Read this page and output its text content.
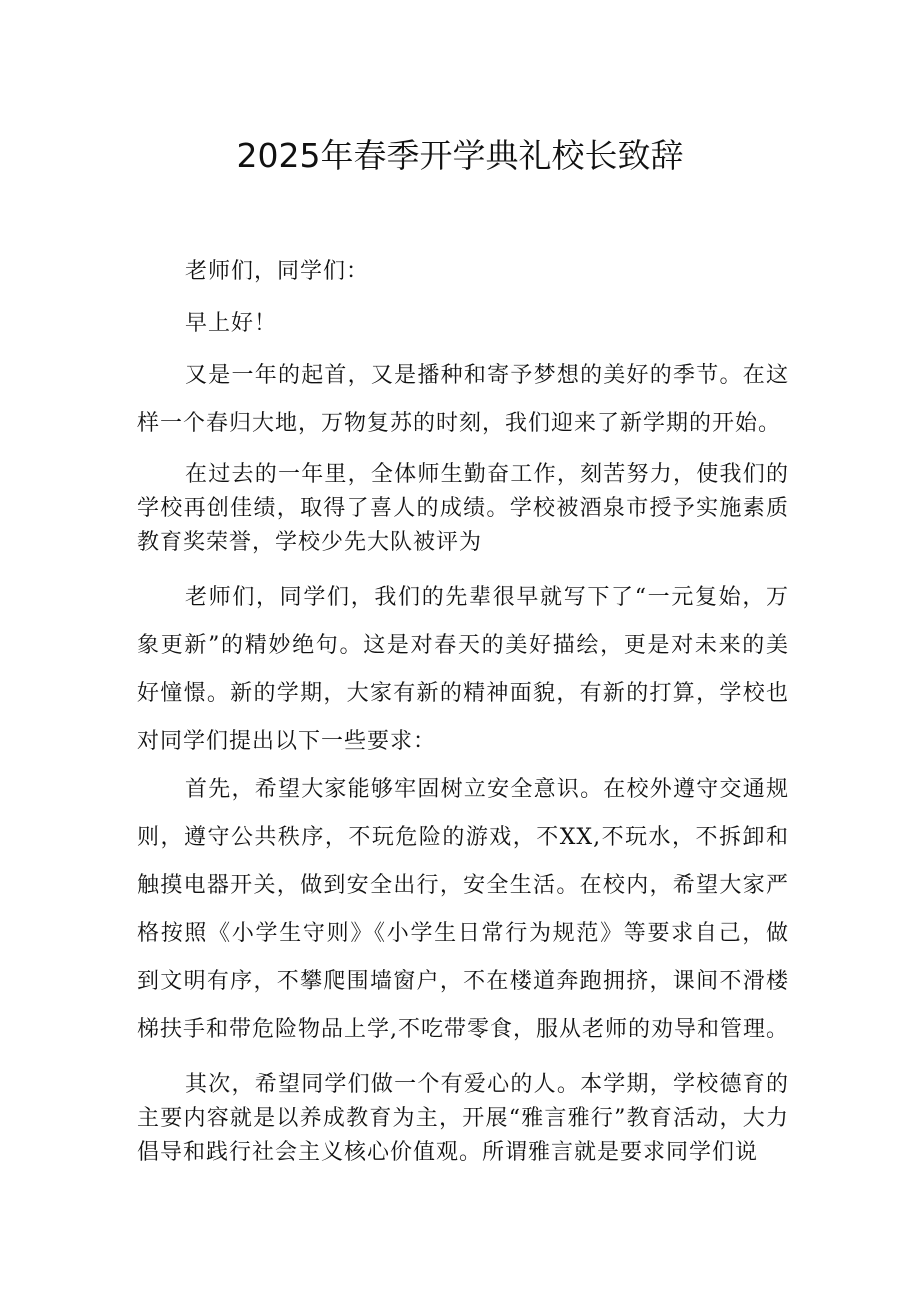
2025年春季开学典礼校长致辞

老师们，同学们：

早上好！

又是一年的起首，又是播种和寄予梦想的美好的季节。在这样一个春归大地，万物复苏的时刻，我们迎来了新学期的开始。

在过去的一年里，全体师生勤奋工作，刻苦努力，使我们的学校再创佳绩，取得了喜人的成绩。学校被酒泉市授予实施素质教育奖荣誉，学校少先大队被评为

老师们，同学们，我们的先辈很早就写下了“一元复始，万象更新”的精妙绝句。这是对春天的美好描绘，更是对未来的美好憧憬。新的学期，大家有新的精神面貌，有新的打算，学校也对同学们提出以下一些要求：

首先，希望大家能够牢固树立安全意识。在校外遵守交通规则，遵守公共秩序，不玩危险的游戏，不XX,不玩水，不拆卸和触摸电器开关，做到安全出行，安全生活。在校内，希望大家严格按照《小学生守则》《小学生日常行为规范》等要求自己，做到文明有序，不攀爬围墙窗户，不在楼道奔跑拥挤，课间不滑楼梯扶手和带危险物品上学,不吃带零食，服从老师的劝导和管理。

其次，希望同学们做一个有爱心的人。本学期，学校德育的主要内容就是以养成教育为主，开展“雅言雅行”教育活动，大力倡导和践行社会主义核心价值观。所谓雅言就是要求同学们说
